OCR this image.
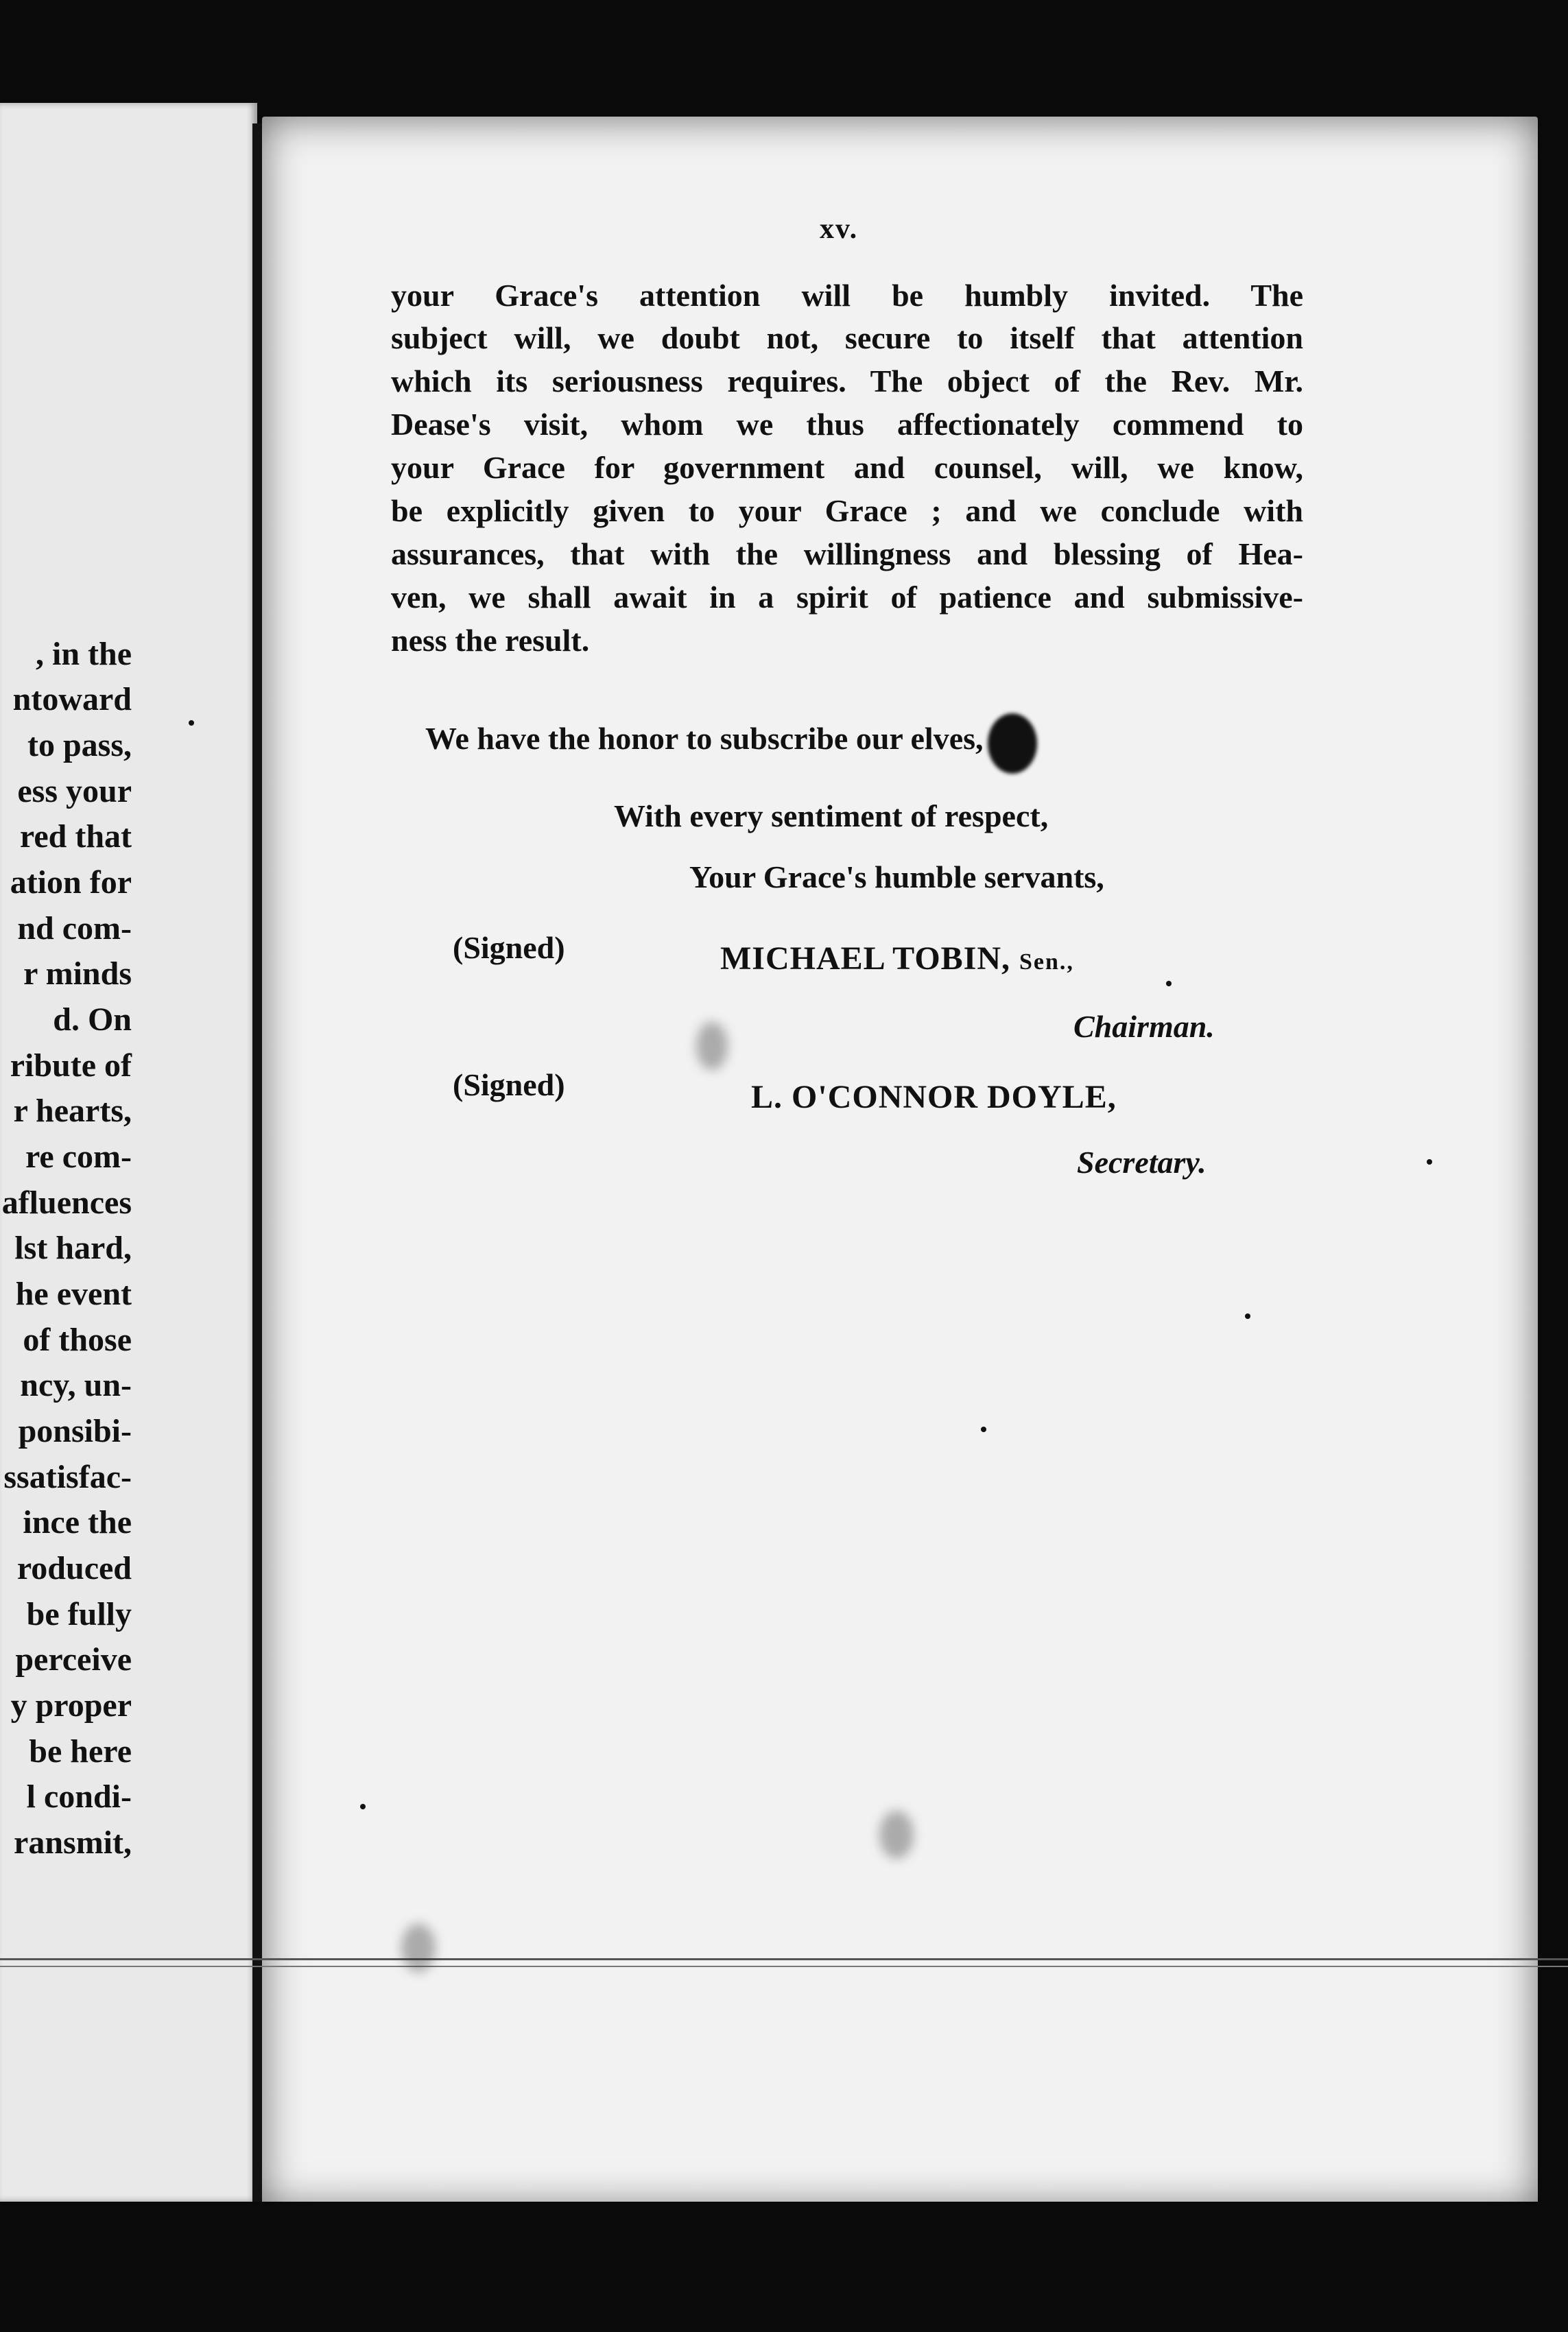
, in the
ntoward
to pass,
ess your
red that
ation for
nd com-
r minds
d. On
ribute of
r hearts,
re com-
afluences
lst hard,
he event
of those
ncy, un-
ponsibi-
ssatisfac-
ince the
roduced
be fully
perceive
y proper
be here
l condi-
ransmit,
xv.
your Grace's attention will be humbly invited. The
subject will, we doubt not, secure to itself that attention
which its seriousness requires. The object of the Rev. Mr.
Dease's visit, whom we thus affectionately commend to
your Grace for government and counsel, will, we know,
be explicitly given to your Grace ; and we conclude with
assurances, that with the willingness and blessing of Hea-
ven, we shall await in a spirit of patience and submissive-
ness the result.
We have the honor to subscribe our elves,
With every sentiment of respect,
Your Grace's humble servants,
(Signed)	MICHAEL TOBIN, Sen.,
Chairman.
(Signed)	L. O'CONNOR DOYLE,
Secretary.
